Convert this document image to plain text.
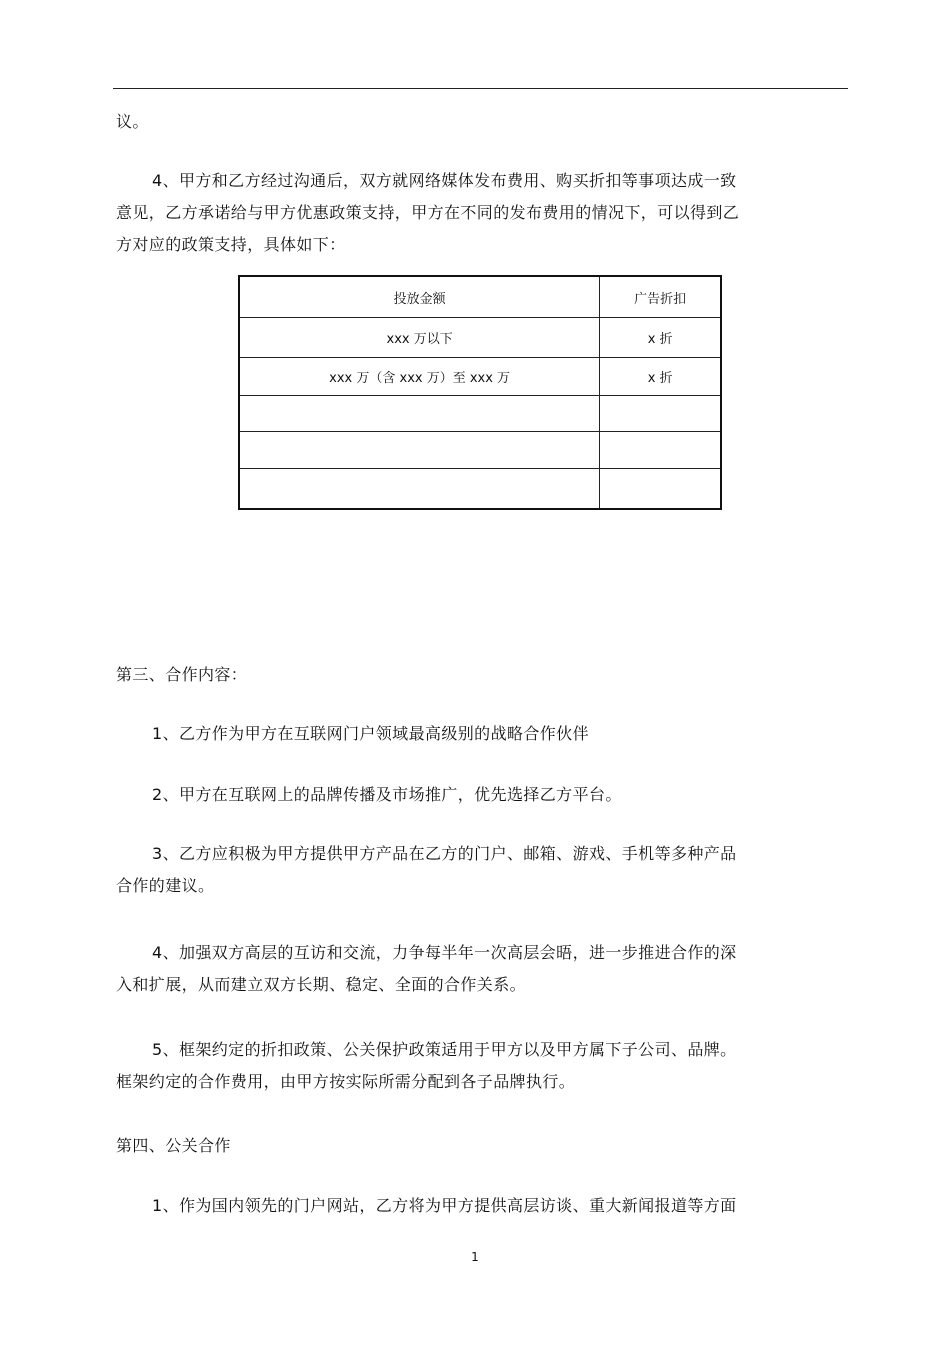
议。
4、甲方和乙方经过沟通后，双方就网络媒体发布费用、购买折扣等事项达成一致
意见，乙方承诺给与甲方优惠政策支持，甲方在不同的发布费用的情况下，可以得到乙
方对应的政策支持，具体如下：
投放金额	广告折扣
xxx 万以下	x 折
xxx 万（含 xxx 万）至 xxx 万	x 折

第三、合作内容：
1、乙方作为甲方在互联网门户领域最高级别的战略合作伙伴
2、甲方在互联网上的品牌传播及市场推广，优先选择乙方平台。
3、乙方应积极为甲方提供甲方产品在乙方的门户、邮箱、游戏、手机等多种产品
合作的建议。
4、加强双方高层的互访和交流，力争每半年一次高层会晤，进一步推进合作的深
入和扩展，从而建立双方长期、稳定、全面的合作关系。
5、框架约定的折扣政策、公关保护政策适用于甲方以及甲方属下子公司、品牌。
框架约定的合作费用，由甲方按实际所需分配到各子品牌执行。
第四、公关合作
1、作为国内领先的门户网站，乙方将为甲方提供高层访谈、重大新闻报道等方面
1
